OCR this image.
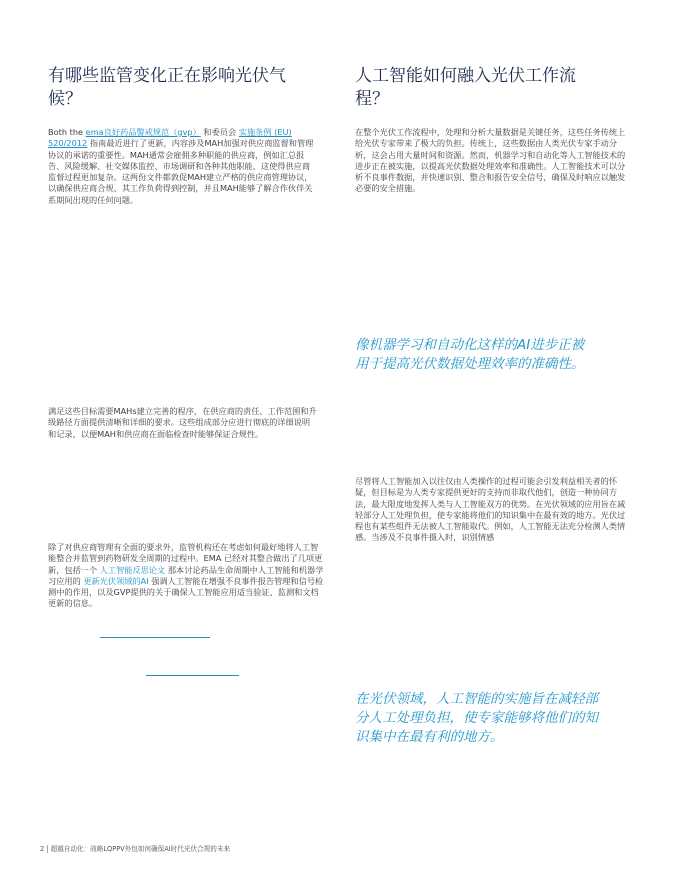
有哪些监管变化正在影响光伏气候？

Both the ema良好药品警戒规范（gvp） 和委员会 实施条例 (EU) 520/2012 指南最近进行了更新，内容涉及MAH加强对供应商监督和管理协议的承诺的重要性。MAH通常会雇佣多种职能的供应商，例如汇总报告、风险缓解、社交媒体监控、市场调研和各种其他职能，这使得供应商监督过程更加复杂。这两份文件都敦促MAH建立严格的供应商管理协议，以确保供应商合规、其工作负荷得到控制，并且MAH能够了解合作伙伴关系期间出现的任何问题。

满足这些目标需要MAHs建立完善的程序，在供应商的责任、工作范围和升级路径方面提供清晰和详细的要求。这些组成部分应进行彻底的详细说明和记录，以便MAH和供应商在面临检查时能够保证合规性。

除了对供应商管理有全面的要求外，监管机构还在考虑如何最好地将人工智能整合并监管到药物研发全周期的过程中。EMA 已经对其整合做出了几项更新，包括一个 人工智能反思论文 那本讨论药品生命周期中人工智能和机器学习应用的 更新光伏领域的AI 强调人工智能在增强不良事件报告管理和信号检测中的作用，以及GVP提供的关于确保人工智能应用适当验证、监测和文档更新的信息。

人工智能如何融入光伏工作流程？

在整个光伏工作流程中，处理和分析大量数据是关键任务，这些任务传统上给光伏专家带来了极大的负担。传统上，这些数据由人类光伏专家手动分析，这会占用大量时间和资源。然而，机器学习和自动化等人工智能技术的进步正在被实施，以提高光伏数据处理效率和准确性。人工智能技术可以分析不良事件数据，并快速识别、整合和报告安全信号，确保及时响应以触发必要的安全措施。

像机器学习和自动化这样的AI进步正被用于提高光伏数据处理效率的准确性。

尽管将人工智能加入以往仅由人类操作的过程可能会引发利益相关者的怀疑，但目标是为人类专家提供更好的支持而非取代他们，创造一种协同方法，最大限度地发挥人类与人工智能双方的优势。在光伏领域的应用旨在减轻部分人工处理负担，使专家能将他们的知识集中在最有效的地方。光伏过程也有某些组件无法被人工智能取代。例如，人工智能无法充分检测人类情感。当涉及不良事件摄入时，识别情感

在光伏领域，人工智能的实施旨在减轻部分人工处理负担，使专家能够将他们的知识集中在最有利的地方。

2 | 超越自动化：战略LQPPV外包如何确保AI时代光伏合规的未来
